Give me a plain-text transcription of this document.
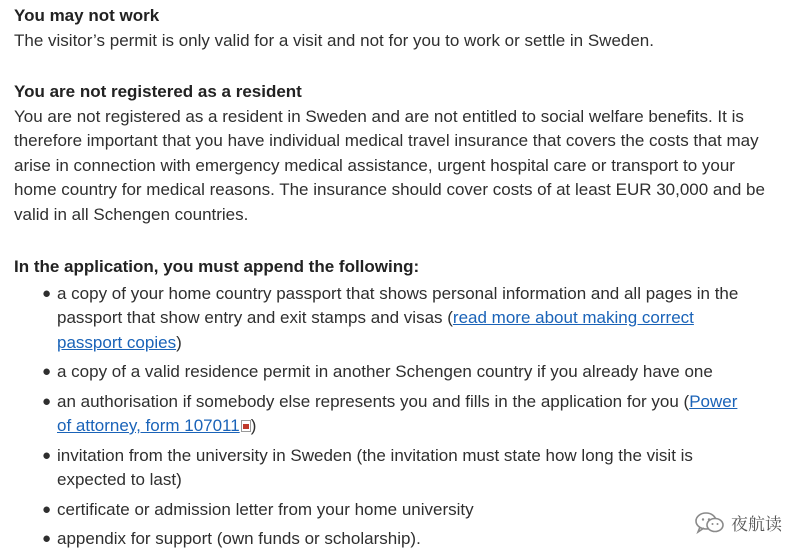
You may not work

The visitor’s permit is only valid for a visit and not for you to work or settle in Sweden.

You are not registered as a resident

You are not registered as a resident in Sweden and are not entitled to social welfare benefits. It is therefore important that you have individual medical travel insurance that covers the costs that may arise in connection with emergency medical assistance, urgent hospital care or transport to your home country for medical reasons. The insurance should cover costs of at least EUR 30,000 and be valid in all Schengen countries.

In the application, you must append the following:

● a copy of your home country passport that shows personal information and all pages in the passport that show entry and exit stamps and visas (read more about making correct passport copies)
● a copy of a valid residence permit in another Schengen country if you already have one
● an authorisation if somebody else represents you and fills in the application for you (Power of attorney, form 107011 )
● invitation from the university in Sweden (the invitation must state how long the visit is expected to last)
● certificate or admission letter from your home university
● appendix for support (own funds or scholarship).
夜航读
